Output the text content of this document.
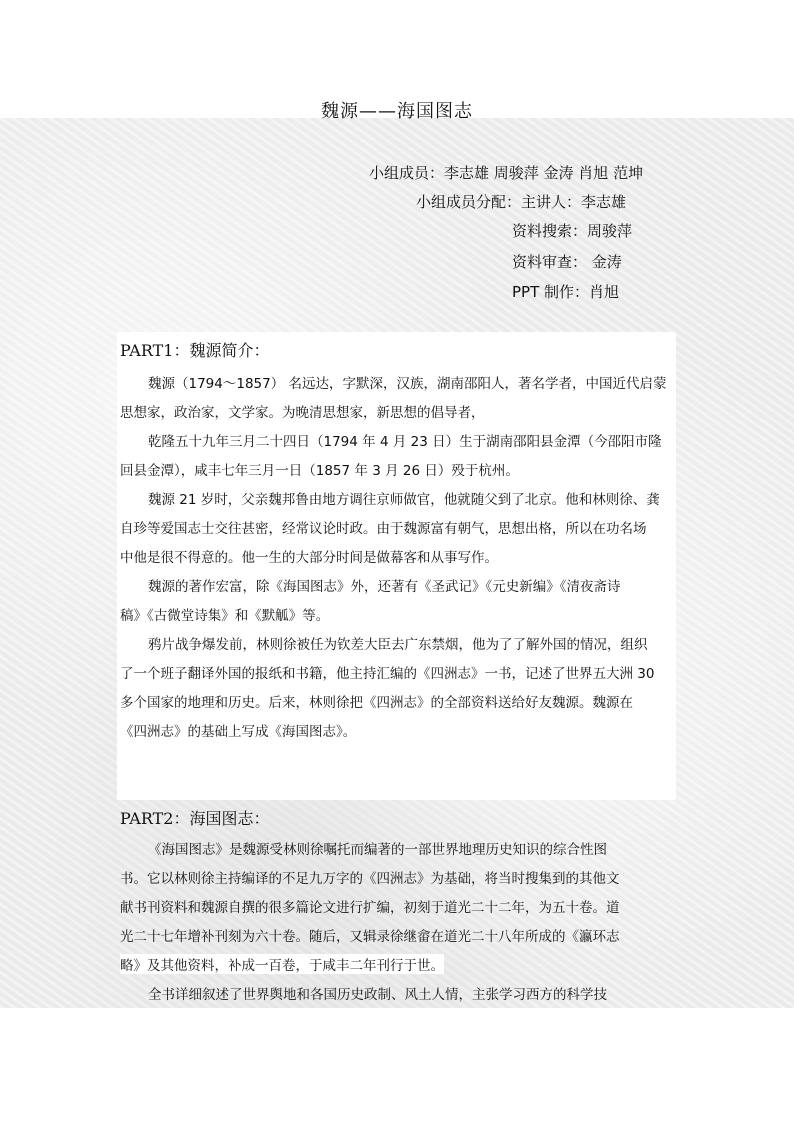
魏源——海国图志
小组成员：李志雄 周骏萍 金涛 肖旭 范坤
小组成员分配：主讲人：李志雄
资料搜索：周骏萍
资料审查： 金涛
PPT 制作：肖旭
PART1：魏源简介：
魏源（1794～1857） 名远达，字默深，汉族，湖南邵阳人，著名学者，中国近代启蒙
思想家，政治家，文学家。为晚清思想家，新思想的倡导者，
乾隆五十九年三月二十四日（1794 年 4 月 23 日）生于湖南邵阳县金潭（今邵阳市隆
回县金潭），咸丰七年三月一日（1857 年 3 月 26 日）殁于杭州。
魏源 21 岁时，父亲魏邦鲁由地方调往京师做官，他就随父到了北京。他和林则徐、龚
自珍等爱国志士交往甚密，经常议论时政。由于魏源富有朝气，思想出格，所以在功名场
中他是很不得意的。他一生的大部分时间是做幕客和从事写作。
魏源的著作宏富，除《海国图志》外，还著有《圣武记》《元史新编》《清夜斋诗
稿》《古微堂诗集》和《默觚》等。
鸦片战争爆发前，林则徐被任为钦差大臣去广东禁烟，他为了了解外国的情况，组织
了一个班子翻译外国的报纸和书籍，他主持汇编的《四洲志》一书，记述了世界五大洲 30
多个国家的地理和历史。后来，林则徐把《四洲志》的全部资料送给好友魏源。魏源在
《四洲志》的基础上写成《海国图志》。
PART2：海国图志：
《海国图志》是魏源受林则徐嘱托而编著的一部世界地理历史知识的综合性图
书。它以林则徐主持编译的不足九万字的《四洲志》为基础，将当时搜集到的其他文
献书刊资料和魏源自撰的很多篇论文进行扩编，初刻于道光二十二年，为五十卷。道
光二十七年增补刊刻为六十卷。随后，又辑录徐继畲在道光二十八年所成的《瀛环志
略》及其他资料，补成一百卷，于咸丰二年刊行于世。
全书详细叙述了世界舆地和各国历史政制、风土人情，主张学习西方的科学技
